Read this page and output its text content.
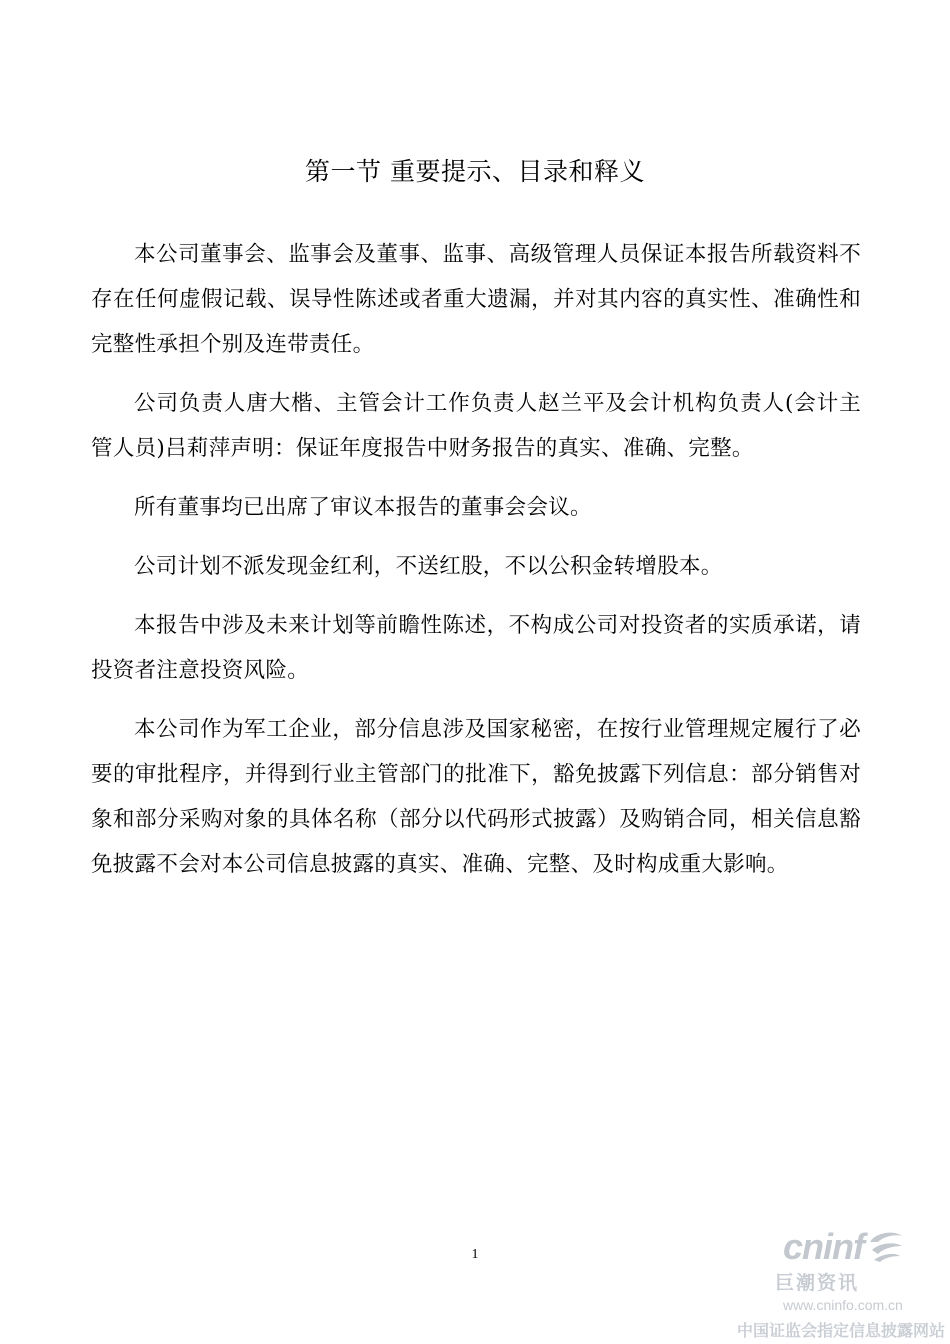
第一节 重要提示、目录和释义

本公司董事会、监事会及董事、监事、高级管理人员保证本报告所载资料不存在任何虚假记载、误导性陈述或者重大遗漏，并对其内容的真实性、准确性和完整性承担个别及连带责任。

公司负责人唐大楷、主管会计工作负责人赵兰平及会计机构负责人(会计主管人员)吕莉萍声明：保证年度报告中财务报告的真实、准确、完整。

所有董事均已出席了审议本报告的董事会会议。

公司计划不派发现金红利，不送红股，不以公积金转增股本。

本报告中涉及未来计划等前瞻性陈述，不构成公司对投资者的实质承诺，请投资者注意投资风险。

本公司作为军工企业，部分信息涉及国家秘密，在按行业管理规定履行了必要的审批程序，并得到行业主管部门的批准下，豁免披露下列信息：部分销售对象和部分采购对象的具体名称（部分以代码形式披露）及购销合同，相关信息豁免披露不会对本公司信息披露的真实、准确、完整、及时构成重大影响。

1	cninf
巨潮资讯
www.cninfo.com.cn
中国证监会指定信息披露网站
